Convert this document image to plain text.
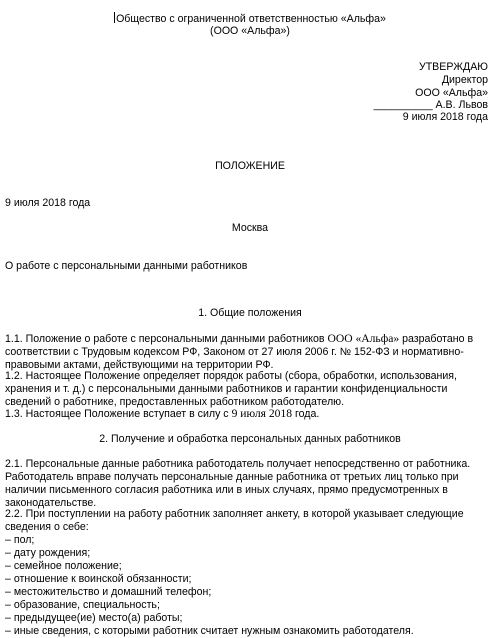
Общество с ограниченной ответственностью «Альфа»
(ООО «Альфа»)
УТВЕРЖДАЮ
Директор
ООО «Альфа»
__________ А.В. Львов
9 июля 2018 года
ПОЛОЖЕНИЕ
9 июля 2018 года
Москва
О работе с персональными данными работников
1. Общие положения
1.1. Положение о работе с персональными данными работников ООО «Альфа» разработано в
соответствии с Трудовым кодексом РФ, Законом от 27 июля 2006 г. № 152-ФЗ и нормативно-
правовыми актами, действующими на территории РФ.
1.2. Настоящее Положение определяет порядок работы (сбора, обработки, использования,
хранения и т. д.) с персональными данными работников и гарантии конфиденциальности
сведений о работнике, предоставленных работником работодателю.
1.3. Настоящее Положение вступает в силу с 9 июля 2018 года.
2. Получение и обработка персональных данных работников
2.1. Персональные данные работника работодатель получает непосредственно от работника.
Работодатель вправе получать персональные данные работника от третьих лиц только при
наличии письменного согласия работника или в иных случаях, прямо предусмотренных в
законодательстве.
2.2. При поступлении на работу работник заполняет анкету, в которой указывает следующие
сведения о себе:
– пол;
– дату рождения;
– семейное положение;
– отношение к воинской обязанности;
– местожительство и домашний телефон;
– образование, специальность;
– предыдущее(ие) место(а) работы;
– иные сведения, с которыми работник считает нужным ознакомить работодателя.
